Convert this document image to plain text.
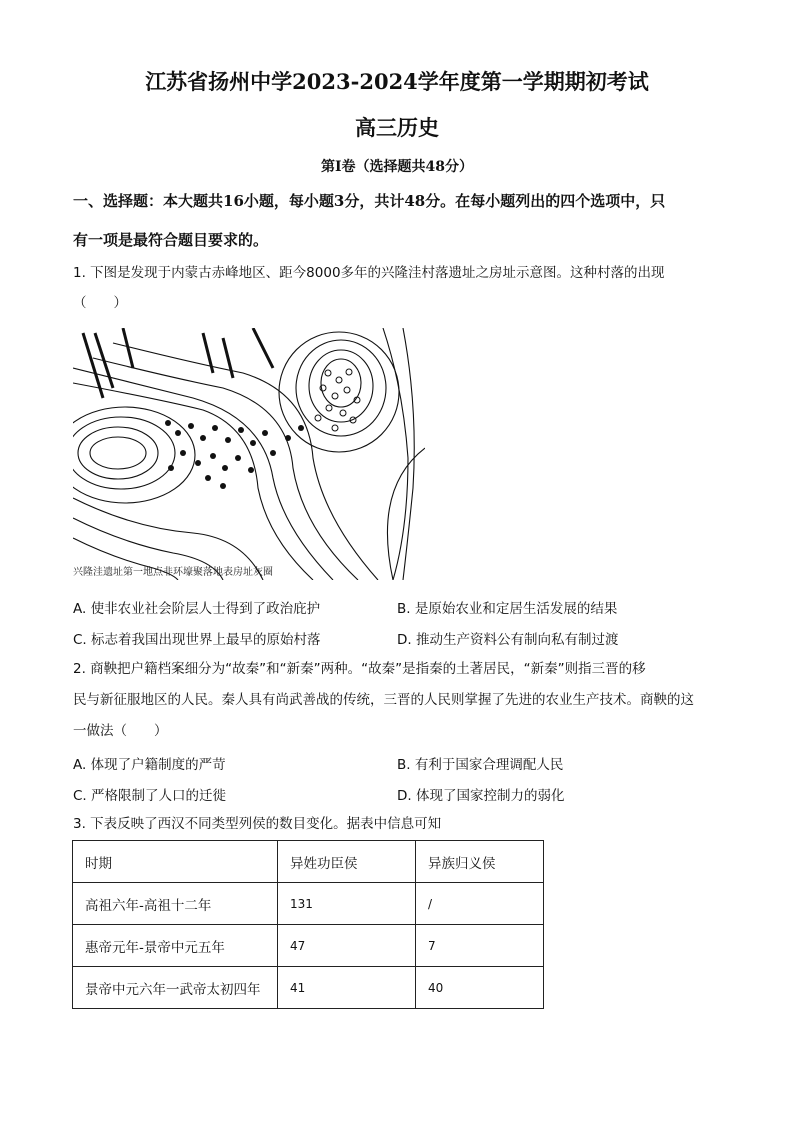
江苏省扬州中学2023-2024学年度第一学期期初考试
高三历史
第Ⅰ卷（选择题共48分）
一、选择题：本大题共16小题，每小题3分，共计48分。在每小题列出的四个选项中，只
有一项是最符合题目要求的。
1. 下图是发现于内蒙古赤峰地区、距今8000多年的兴隆洼村落遗址之房址示意图。这种村落的出现
（　　）
兴隆洼遗址第一地点非环壕聚落地表房址灰圈
A. 使非农业社会阶层人士得到了政治庇护	B. 是原始农业和定居生活发展的结果
C. 标志着我国出现世界上最早的原始村落	D. 推动生产资料公有制向私有制过渡
2. 商鞅把户籍档案细分为“故秦”和“新秦”两种。“故秦”是指秦的土著居民，“新秦”则指三晋的移
民与新征服地区的人民。秦人具有尚武善战的传统，三晋的人民则掌握了先进的农业生产技术。商鞅的这
一做法（　　）
A. 体现了户籍制度的严苛	B. 有利于国家合理调配人民
C. 严格限制了人口的迁徙	D. 体现了国家控制力的弱化
3. 下表反映了西汉不同类型列侯的数目变化。据表中信息可知
时期	异姓功臣侯	异族归义侯
高祖六年-高祖十二年	131	/
惠帝元年-景帝中元五年	47	7
景帝中元六年一武帝太初四年	41	40
